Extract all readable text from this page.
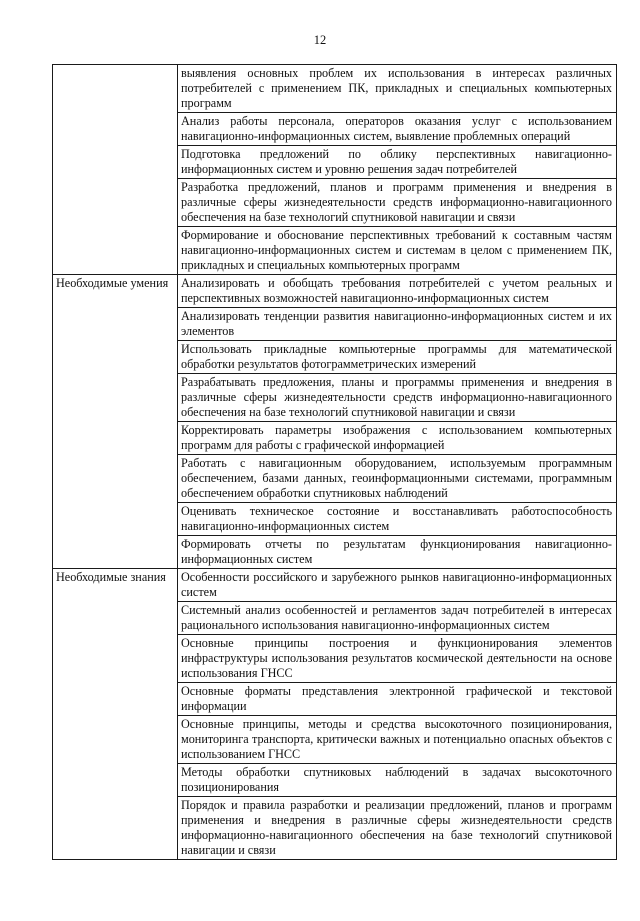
12
	выявления основных проблем их использования в интересах различных потребителей с применением ПК, прикладных и специальных компьютерных программ
	Анализ работы персонала, операторов оказания услуг с использованием навигационно-информационных систем, выявление проблемных операций
	Подготовка предложений по облику перспективных навигационно-информационных систем и уровню решения задач потребителей
	Разработка предложений, планов и программ применения и внедрения в различные сферы жизнедеятельности средств информационно-навигационного обеспечения на базе технологий спутниковой навигации и связи
	Формирование и обоснование перспективных требований к составным частям навигационно-информационных систем и системам в целом с применением ПК, прикладных и специальных компьютерных программ
Необходимые умения	Анализировать и обобщать требования потребителей с учетом реальных и перспективных возможностей навигационно-информационных систем
	Анализировать тенденции развития навигационно-информационных систем и их элементов
	Использовать прикладные компьютерные программы для математической обработки результатов фотограмметрических измерений
	Разрабатывать предложения, планы и программы применения и внедрения в различные сферы жизнедеятельности средств информационно-навигационного обеспечения на базе технологий спутниковой навигации и связи
	Корректировать параметры изображения с использованием компьютерных программ для работы с графической информацией
	Работать с навигационным оборудованием, используемым программным обеспечением, базами данных, геоинформационными системами, программным обеспечением обработки спутниковых наблюдений
	Оценивать техническое состояние и восстанавливать работоспособность навигационно-информационных систем
	Формировать отчеты по результатам функционирования навигационно-информационных систем
Необходимые знания	Особенности российского и зарубежного рынков навигационно-информационных систем
	Системный анализ особенностей и регламентов задач потребителей в интересах рационального использования навигационно-информационных систем
	Основные принципы построения и функционирования элементов инфраструктуры использования результатов космической деятельности на основе использования ГНСС
	Основные форматы представления электронной графической и текстовой информации
	Основные принципы, методы и средства высокоточного позиционирования, мониторинга транспорта, критически важных и потенциально опасных объектов с использованием ГНСС
	Методы обработки спутниковых наблюдений в задачах высокоточного позиционирования
	Порядок и правила разработки и реализации предложений, планов и программ применения и внедрения в различные сферы жизнедеятельности средств информационно-навигационного обеспечения на базе технологий спутниковой навигации и связи
